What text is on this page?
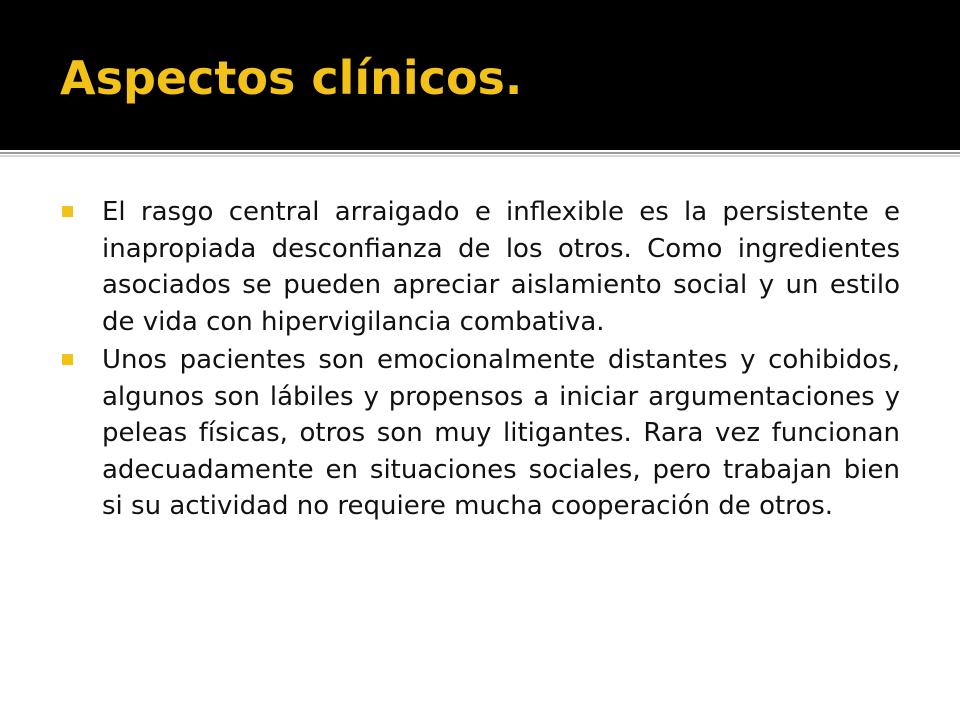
Aspectos clínicos.

El rasgo central arraigado e inflexible es la persistente e inapropiada desconfianza de los otros. Como ingredientes asociados se pueden apreciar aislamiento social y un estilo de vida con hipervigilancia combativa.

Unos pacientes son emocionalmente distantes y cohibidos, algunos son lábiles y propensos a iniciar argumentaciones y peleas físicas, otros son muy litigantes. Rara vez funcionan adecuadamente en situaciones sociales, pero trabajan bien si su actividad no requiere mucha cooperación de otros.
